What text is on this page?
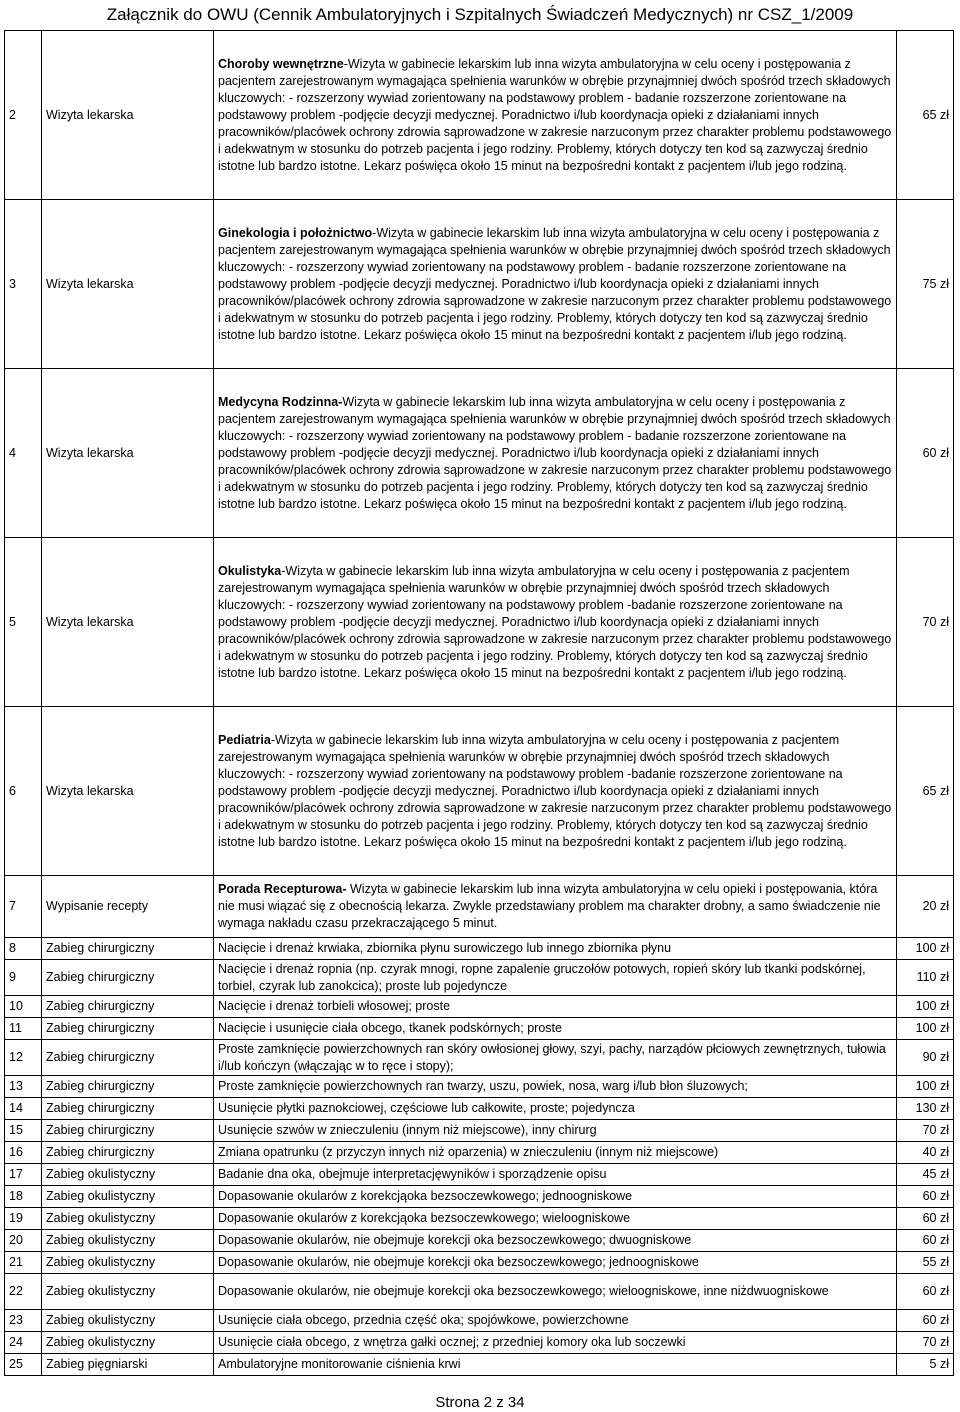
Załącznik do OWU (Cennik Ambulatoryjnych i Szpitalnych Świadczeń Medycznych) nr CSZ_1/2009
2	Wizyta lekarska	Choroby wewnętrzne-Wizyta w gabinecie lekarskim lub inna wizyta ambulatoryjna w celu oceny i postępowania z pacjentem zarejestrowanym wymagająca spełnienia warunków w obrębie przynajmniej dwóch spośród trzech składowych kluczowych: - rozszerzony wywiad zorientowany na podstawowy problem - badanie rozszerzone zorientowane na podstawowy problem -podjęcie decyzji medycznej. Poradnictwo i/lub koordynacja opieki z działaniami innych pracowników/placówek ochrony zdrowia sąprowadzone w zakresie narzuconym przez charakter problemu podstawowego i adekwatnym w stosunku do potrzeb pacjenta i jego rodziny. Problemy, których dotyczy ten kod są zazwyczaj średnio istotne lub bardzo istotne. Lekarz poświęca około 15 minut na bezpośredni kontakt z pacjentem i/lub jego rodziną.	65 zł
3	Wizyta lekarska	Ginekologia i położnictwo-Wizyta w gabinecie lekarskim lub inna wizyta ambulatoryjna w celu oceny i postępowania z pacjentem zarejestrowanym wymagająca spełnienia warunków w obrębie przynajmniej dwóch spośród trzech składowych kluczowych: - rozszerzony wywiad zorientowany na podstawowy problem - badanie rozszerzone zorientowane na podstawowy problem -podjęcie decyzji medycznej. Poradnictwo i/lub koordynacja opieki z działaniami innych pracowników/placówek ochrony zdrowia sąprowadzone w zakresie narzuconym przez charakter problemu podstawowego i adekwatnym w stosunku do potrzeb pacjenta i jego rodziny. Problemy, których dotyczy ten kod są zazwyczaj średnio istotne lub bardzo istotne. Lekarz poświęca około 15 minut na bezpośredni kontakt z pacjentem i/lub jego rodziną.	75 zł
4	Wizyta lekarska	Medycyna Rodzinna-Wizyta w gabinecie lekarskim lub inna wizyta ambulatoryjna w celu oceny i postępowania z pacjentem zarejestrowanym wymagająca spełnienia warunków w obrębie przynajmniej dwóch spośród trzech składowych kluczowych: - rozszerzony wywiad zorientowany na podstawowy problem - badanie rozszerzone zorientowane na podstawowy problem -podjęcie decyzji medycznej. Poradnictwo i/lub koordynacja opieki z działaniami innych pracowników/placówek ochrony zdrowia sąprowadzone w zakresie narzuconym przez charakter problemu podstawowego i adekwatnym w stosunku do potrzeb pacjenta i jego rodziny. Problemy, których dotyczy ten kod są zazwyczaj średnio istotne lub bardzo istotne. Lekarz poświęca około 15 minut na bezpośredni kontakt z pacjentem i/lub jego rodziną.	60 zł
5	Wizyta lekarska	Okulistyka-Wizyta w gabinecie lekarskim lub inna wizyta ambulatoryjna w celu oceny i postępowania z pacjentem zarejestrowanym wymagająca spełnienia warunków w obrębie przynajmniej dwóch spośród trzech składowych kluczowych: - rozszerzony wywiad zorientowany na podstawowy problem -badanie rozszerzone zorientowane na podstawowy problem -podjęcie decyzji medycznej. Poradnictwo i/lub koordynacja opieki z działaniami innych pracowników/placówek ochrony zdrowia sąprowadzone w zakresie narzuconym przez charakter problemu podstawowego i adekwatnym w stosunku do potrzeb pacjenta i jego rodziny. Problemy, których dotyczy ten kod są zazwyczaj średnio istotne lub bardzo istotne. Lekarz poświęca około 15 minut na bezpośredni kontakt z pacjentem i/lub jego rodziną.	70 zł
6	Wizyta lekarska	Pediatria-Wizyta w gabinecie lekarskim lub inna wizyta ambulatoryjna w celu oceny i postępowania z pacjentem zarejestrowanym wymagająca spełnienia warunków w obrębie przynajmniej dwóch spośród trzech składowych kluczowych: - rozszerzony wywiad zorientowany na podstawowy problem -badanie rozszerzone zorientowane na podstawowy problem -podjęcie decyzji medycznej. Poradnictwo i/lub koordynacja opieki z działaniami innych pracowników/placówek ochrony zdrowia sąprowadzone w zakresie narzuconym przez charakter problemu podstawowego i adekwatnym w stosunku do potrzeb pacjenta i jego rodziny. Problemy, których dotyczy ten kod są zazwyczaj średnio istotne lub bardzo istotne. Lekarz poświęca około 15 minut na bezpośredni kontakt z pacjentem i/lub jego rodziną.	65 zł
7	Wypisanie recepty	Porada Recepturowa- Wizyta w gabinecie lekarskim lub inna wizyta ambulatoryjna w celu opieki i postępowania, która nie musi wiązać się z obecnością lekarza. Zwykle przedstawiany problem ma charakter drobny, a samo świadczenie nie wymaga nakładu czasu przekraczającego 5 minut.	20 zł
8	Zabieg chirurgiczny	Nacięcie i drenaż krwiaka, zbiornika płynu surowiczego lub innego zbiornika płynu	100 zł
9	Zabieg chirurgiczny	Nacięcie i drenaż ropnia (np. czyrak mnogi, ropne zapalenie gruczołów potowych, ropień skóry lub tkanki podskórnej, torbiel, czyrak lub zanokcica); proste lub pojedyncze	110 zł
10	Zabieg chirurgiczny	Nacięcie i drenaż torbieli włosowej; proste	100 zł
11	Zabieg chirurgiczny	Nacięcie i usunięcie ciała obcego, tkanek podskórnych; proste	100 zł
12	Zabieg chirurgiczny	Proste zamknięcie powierzchownych ran skóry owłosionej głowy, szyi, pachy, narządów płciowych zewnętrznych, tułowia i/lub kończyn (włączając w to ręce i stopy);	90 zł
13	Zabieg chirurgiczny	Proste zamknięcie powierzchownych ran twarzy, uszu, powiek, nosa, warg i/lub błon śluzowych;	100 zł
14	Zabieg chirurgiczny	Usunięcie płytki paznokciowej, częściowe lub całkowite, proste; pojedyncza	130 zł
15	Zabieg chirurgiczny	Usunięcie szwów w znieczuleniu (innym niż miejscowe), inny chirurg	70 zł
16	Zabieg chirurgiczny	Zmiana opatrunku (z przyczyn innych niż oparzenia) w znieczuleniu (innym niż miejscowe)	40 zł
17	Zabieg okulistyczny	Badanie dna oka, obejmuje interpretacjęwyników i sporządzenie opisu	45 zł
18	Zabieg okulistyczny	Dopasowanie okularów z korekcjąoka bezsoczewkowego; jednoogniskowe	60 zł
19	Zabieg okulistyczny	Dopasowanie okularów z korekcjąoka bezsoczewkowego; wieloogniskowe	60 zł
20	Zabieg okulistyczny	Dopasowanie okularów, nie obejmuje korekcji oka bezsoczewkowego; dwuogniskowe	60 zł
21	Zabieg okulistyczny	Dopasowanie okularów, nie obejmuje korekcji oka bezsoczewkowego; jednoogniskowe	55 zł
22	Zabieg okulistyczny	Dopasowanie okularów, nie obejmuje korekcji oka bezsoczewkowego; wieloogniskowe, inne niżdwuogniskowe	60 zł
23	Zabieg okulistyczny	Usunięcie ciała obcego, przednia część oka; spojówkowe, powierzchowne	60 zł
24	Zabieg okulistyczny	Usunięcie ciała obcego, z wnętrza gałki ocznej; z przedniej komory oka lub soczewki	70 zł
25	Zabieg pięgniarski	Ambulatoryjne monitorowanie ciśnienia krwi	5 zł
Strona 2 z 34
